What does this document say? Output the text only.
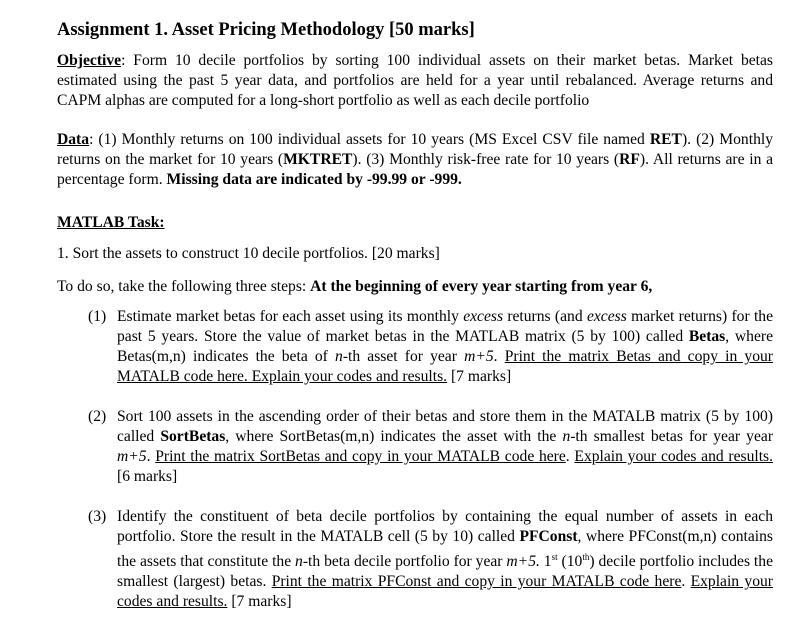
Assignment 1. Asset Pricing Methodology [50 marks]

Objective: Form 10 decile portfolios by sorting 100 individual assets on their market betas. Market betas estimated using the past 5 year data, and portfolios are held for a year until rebalanced. Average returns and CAPM alphas are computed for a long-short portfolio as well as each decile portfolio

Data: (1) Monthly returns on 100 individual assets for 10 years (MS Excel CSV file named RET). (2) Monthly returns on the market for 10 years (MKTRET). (3) Monthly risk-free rate for 10 years (RF). All returns are in a percentage form. Missing data are indicated by -99.99 or -999.

MATLAB Task:

1. Sort the assets to construct 10 decile portfolios. [20 marks]

To do so, take the following three steps: At the beginning of every year starting from year 6,

(1) Estimate market betas for each asset using its monthly excess returns (and excess market returns) for the past 5 years. Store the value of market betas in the MATLAB matrix (5 by 100) called Betas, where Betas(m,n) indicates the beta of n-th asset for year m+5. Print the matrix Betas and copy in your MATALB code here. Explain your codes and results. [7 marks]

(2) Sort 100 assets in the ascending order of their betas and store them in the MATALB matrix (5 by 100) called SortBetas, where SortBetas(m,n) indicates the asset with the n-th smallest betas for year year m+5. Print the matrix SortBetas and copy in your MATALB code here. Explain your codes and results. [6 marks]

(3) Identify the constituent of beta decile portfolios by containing the equal number of assets in each portfolio. Store the result in the MATALB cell (5 by 10) called PFConst, where PFConst(m,n) contains the assets that constitute the n-th beta decile portfolio for year m+5. 1st (10th) decile portfolio includes the smallest (largest) betas. Print the matrix PFConst and copy in your MATALB code here. Explain your codes and results. [7 marks]
